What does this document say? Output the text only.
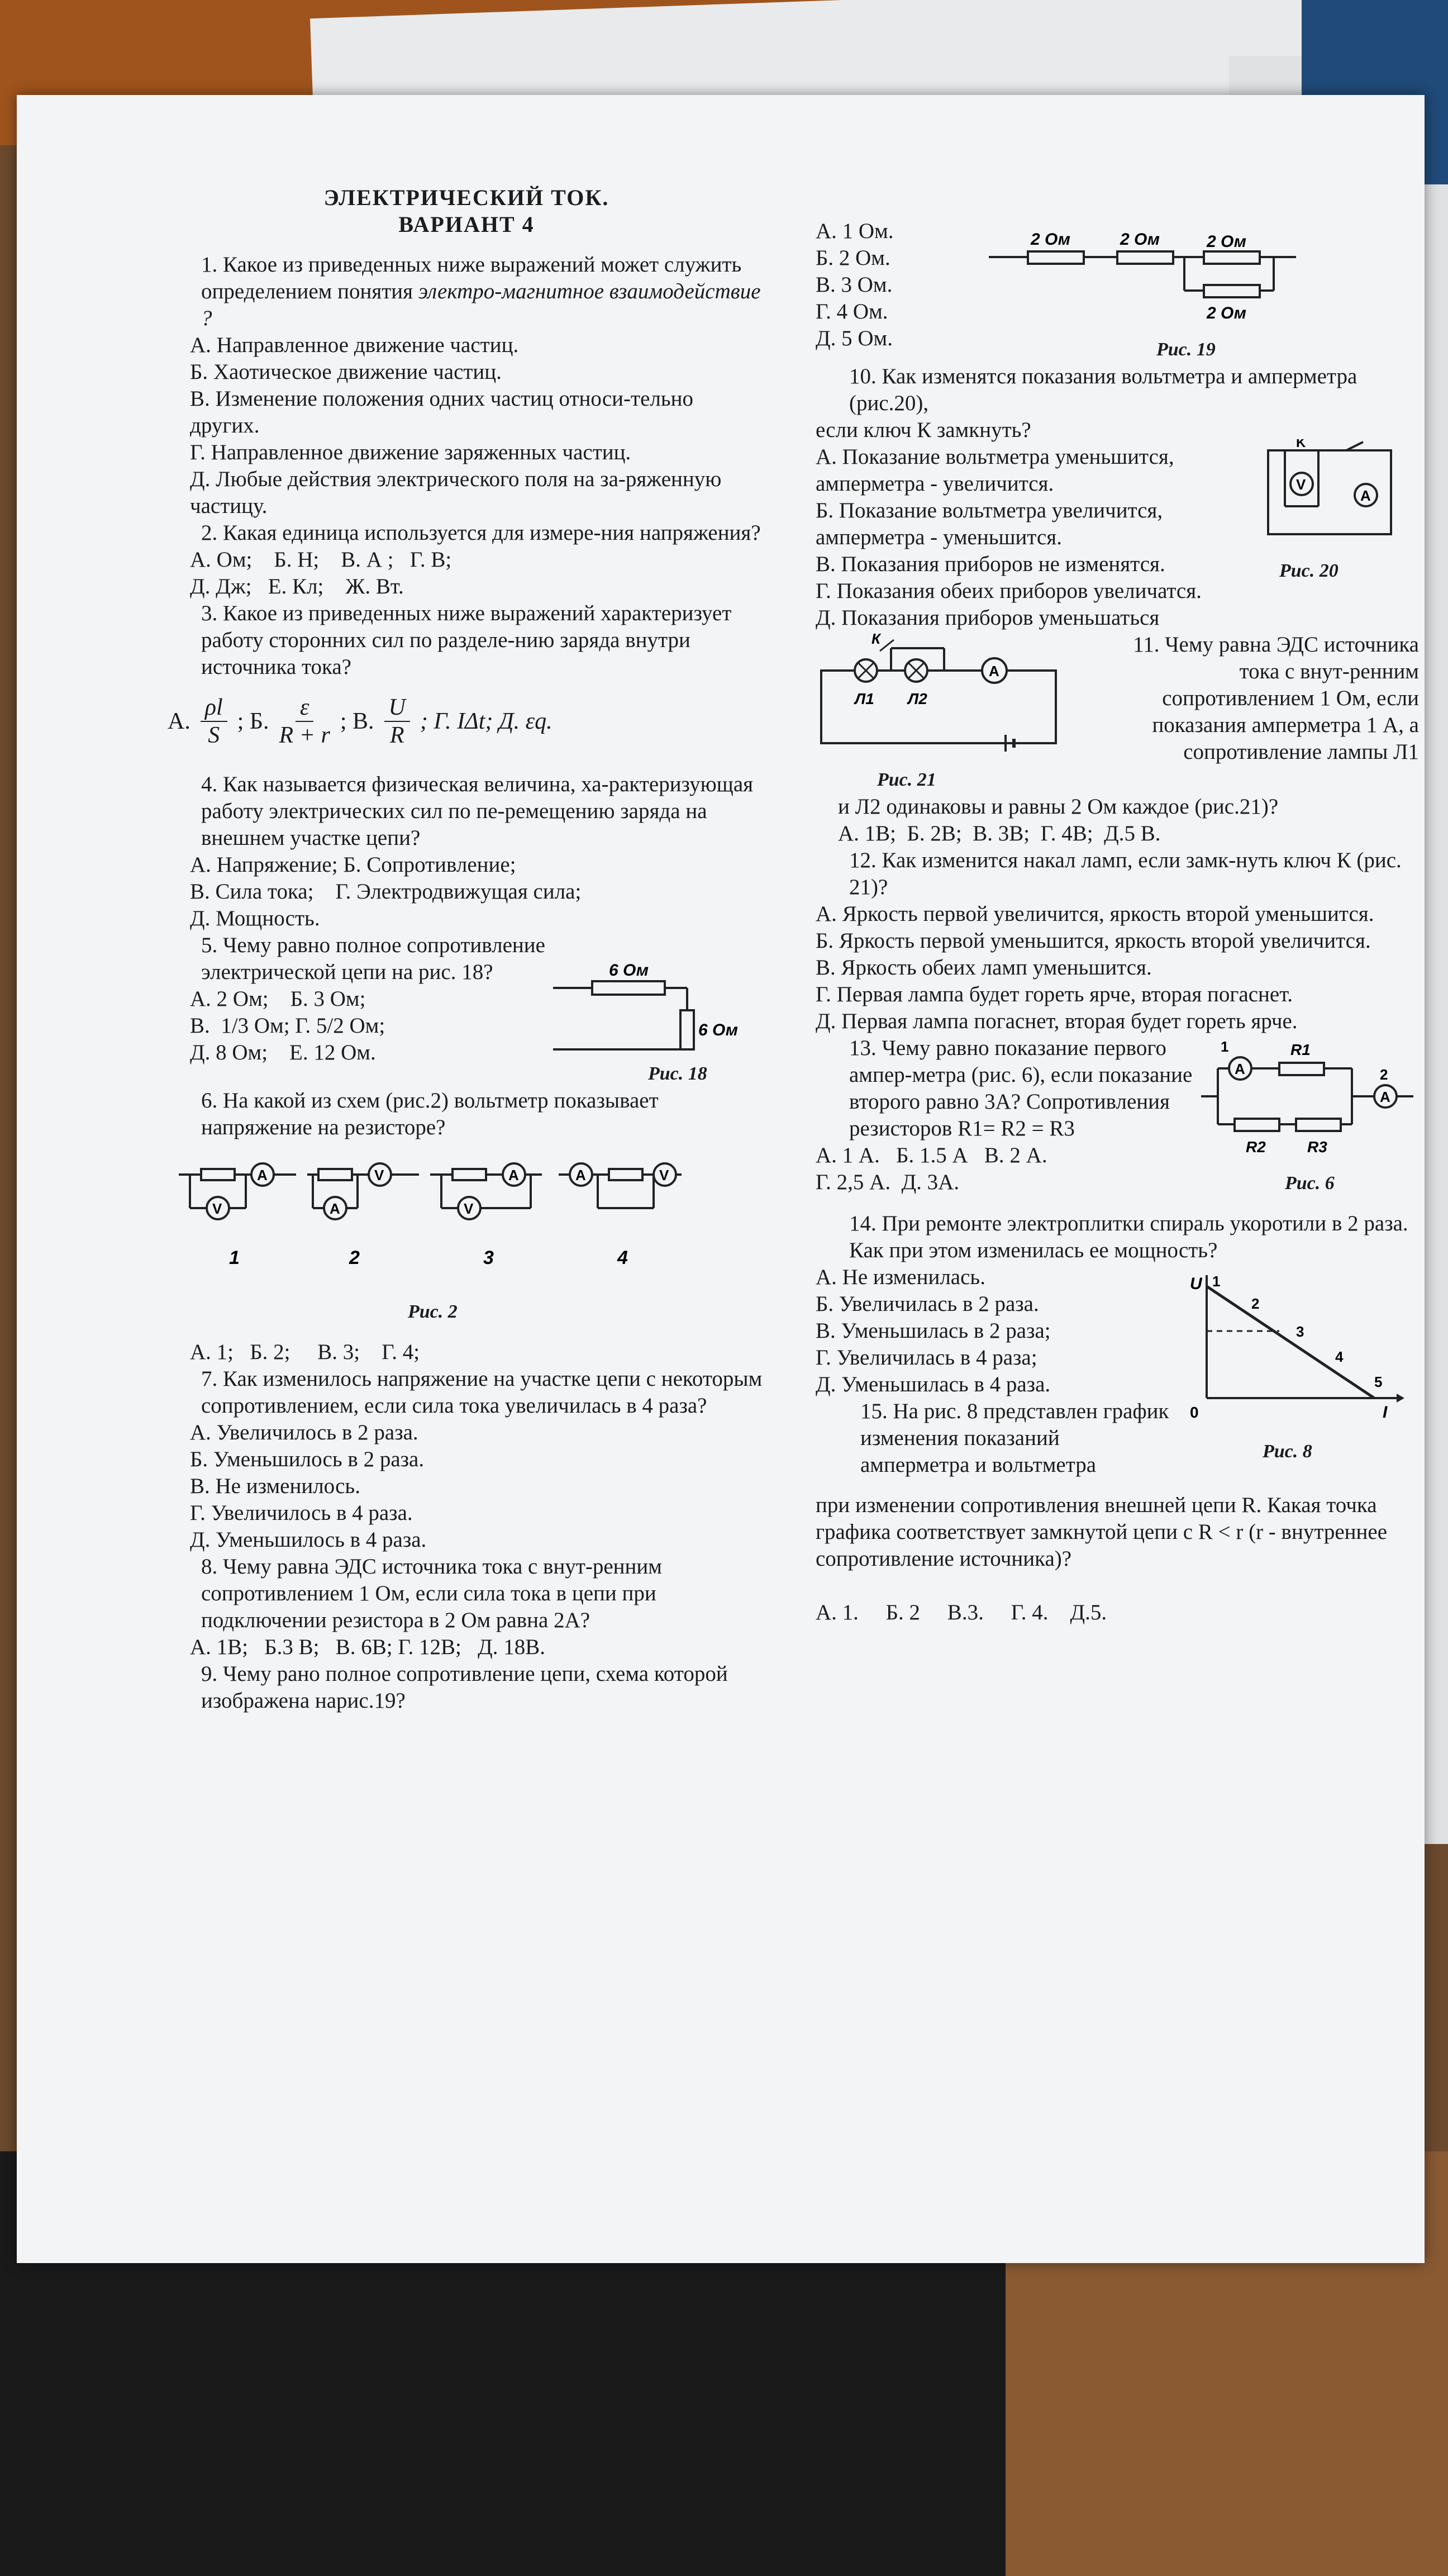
ЭЛЕКТРИЧЕСКИЙ ТОК.
ВАРИАНТ 4

1. Какое из приведенных ниже выражений может служить определением понятия электро-магнитное взаимодействие ?

А. Направленное движение частиц.

Б. Хаотическое движение частиц.

В. Изменение положения одних частиц относи-тельно других.

Г. Направленное движение заряженных частиц.

Д. Любые действия электрического поля на за-ряженную частицу.

2. Какая единица используется для измере-ния напряжения?

А. Ом;    Б. Н;    В. А ;   Г. В;

Д. Дж;   Е. Кл;    Ж. Вт.

3. Какое из приведенных ниже выражений характеризует работу сторонних сил по разделе-нию заряда внутри источника тока?

А. $\frac{\rho l}{S}$ ; Б. $\frac{\varepsilon}{R + r}$ ; В. $\frac{U}{R}$ ; Г. IΔt; Д. εq.

4. Как называется физическая величина, ха-рактеризующая работу электрических сил по пе-ремещению заряда на внешнем участке цепи?

А. Напряжение; Б. Сопротивление;

В. Сила тока;    Г. Электродвижущая сила;

Д. Мощность.

5. Чему равно полное сопротивление электрической цепи на рис. 18?

А. 2 Ом;    Б. 3 Ом;

В.  1/3 Ом; Г. 5/2 Ом;

Д. 8 Ом;    Е. 12 Ом.

6 Ом
6 Ом
Рис. 18

6. На какой из схем (рис.2) вольтметр показывает напряжение на резисторе?

A
V
1
V
A
2
A
V
3
A	V
4
Рис. 2

А. 1;   Б. 2;     В. 3;    Г. 4;

7. Как изменилось напряжение на участке цепи с некоторым сопротивлением, если сила тока увеличилась в 4 раза?

А. Увеличилось в 2 раза.

Б. Уменьшилось в 2 раза.

В. Не изменилось.

Г. Увеличилось в 4 раза.

Д. Уменьшилось в 4 раза.

8. Чему равна ЭДС источника тока с внут-ренним сопротивлением 1 Ом, если сила тока в цепи при подключении резистора в 2 Ом равна 2А?

А. 1В;   Б.3 В;   В. 6В; Г. 12В;   Д. 18В.

9. Чему рано полное сопротивление цепи, схема которой изображена нарис.19?

А. 1 Ом.

Б. 2 Ом.

В. 3 Ом.

Г. 4 Ом.

Д. 5 Ом.

2 Ом	2 Ом	2 Ом
2 Ом
Рис. 19

10. Как изменятся показания вольтметра и амперметра (рис.20),

если ключ К замкнуть?

А. Показание вольтметра уменьшится, амперметра - увеличится.

Б. Показание вольтметра увеличится, амперметра - уменьшится.

В. Показания приборов не изменятся.

Г. Показания обеих приборов увеличатся.

V
A
K
Рис. 20

Д. Показания приборов уменьшаться

К
A
Л1 Л2
Рис. 21

11. Чему равна ЭДС источника тока с внут-ренним сопротивлением 1 Ом, если показания амперметра 1 А, а сопротивление лампы Л1

и Л2 одинаковы и равны 2 Ом каждое (рис.21)?

А. 1В;  Б. 2В;  В. 3В;  Г. 4В;  Д.5 В.

12. Как изменится накал ламп, если замк-нуть ключ К (рис. 21)?

А. Яркость первой увеличится, яркость второй уменьшится.

Б. Яркость первой уменьшится, яркость второй увеличится.

В. Яркость обеих ламп уменьшится.

Г. Первая лампа будет гореть ярче, вторая погаснет.

Д. Первая лампа погаснет, вторая будет гореть ярче.

13. Чему равно показание первого ампер-метра (рис. 6), если показание второго равно 3А? Сопротивления резисторов R1= R2 = R3

А. 1 А.   Б. 1.5 А   В. 2 А.

Г. 2,5 А.  Д. 3А.

A
A
1
2
R1
R2	R3
Рис. 6

14. При ремонте электроплитки спираль укоротили в 2 раза. Как при этом изменилась ее мощность?

А. Не изменилась.

Б. Увеличилась в 2 раза.

В. Уменьшилась в 2 раза;

Г. Увеличилась в 4 раза;

Д. Уменьшилась в 4 раза.

15. На рис. 8 представлен график изменения показаний амперметра и вольтметра

U
I
0
1
2
3
4
5
Рис. 8

при изменении сопротивления внешней цепи R. Какая точка графика соответствует замкнутой цепи с R < r (r - внутреннее сопротивление источника)?

А. 1.     Б. 2     В.3.     Г. 4.    Д.5.
